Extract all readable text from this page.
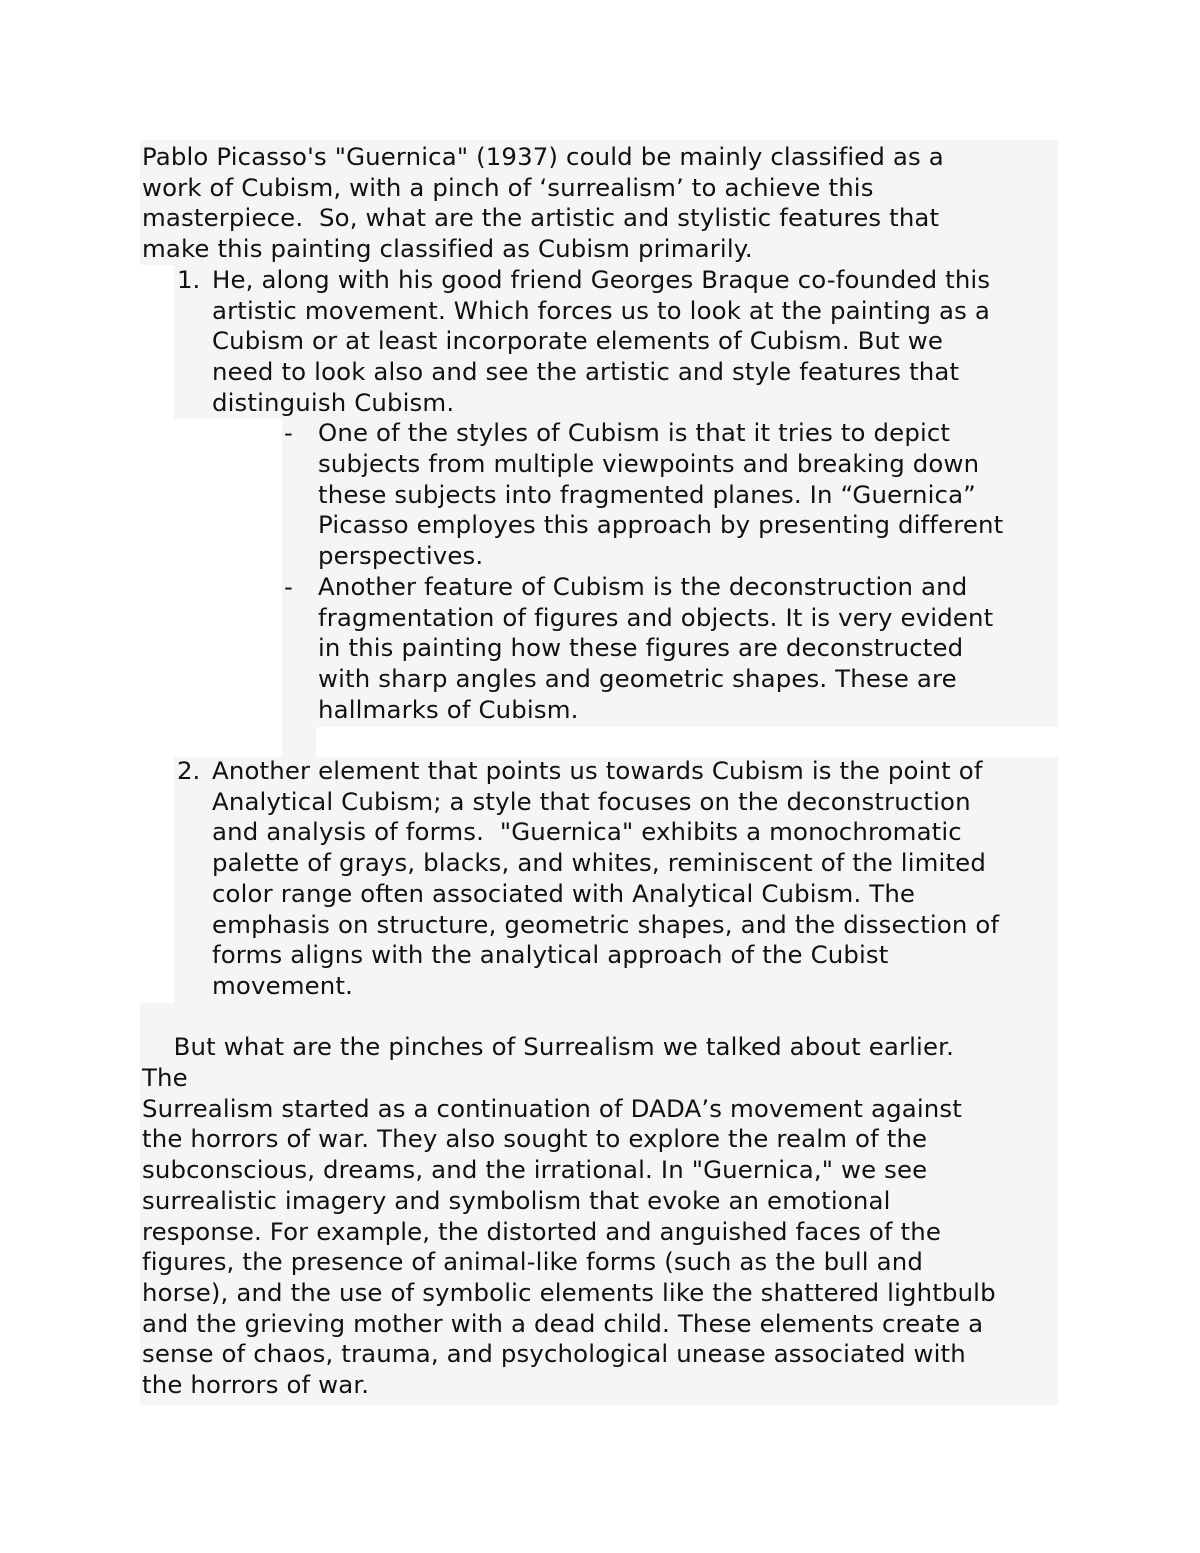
Pablo Picasso's "Guernica" (1937) could be mainly classified as a
work of Cubism, with a pinch of ‘surrealism’ to achieve this
masterpiece.  So, what are the artistic and stylistic features that
make this painting classified as Cubism primarily.
1. He, along with his good friend Georges Braque co-founded this
artistic movement. Which forces us to look at the painting as a
Cubism or at least incorporate elements of Cubism. But we
need to look also and see the artistic and style features that
distinguish Cubism.
- One of the styles of Cubism is that it tries to depict
subjects from multiple viewpoints and breaking down
these subjects into fragmented planes. In “Guernica”
Picasso employes this approach by presenting different
perspectives.
- Another feature of Cubism is the deconstruction and
fragmentation of figures and objects. It is very evident
in this painting how these figures are deconstructed
with sharp angles and geometric shapes. These are
hallmarks of Cubism.
2. Another element that points us towards Cubism is the point of
Analytical Cubism; a style that focuses on the deconstruction
and analysis of forms.  "Guernica" exhibits a monochromatic
palette of grays, blacks, and whites, reminiscent of the limited
color range often associated with Analytical Cubism. The
emphasis on structure, geometric shapes, and the dissection of
forms aligns with the analytical approach of the Cubist
movement.
But what are the pinches of Surrealism we talked about earlier.
The
Surrealism started as a continuation of DADA’s movement against
the horrors of war. They also sought to explore the realm of the
subconscious, dreams, and the irrational. In "Guernica," we see
surrealistic imagery and symbolism that evoke an emotional
response. For example, the distorted and anguished faces of the
figures, the presence of animal-like forms (such as the bull and
horse), and the use of symbolic elements like the shattered lightbulb
and the grieving mother with a dead child. These elements create a
sense of chaos, trauma, and psychological unease associated with
the horrors of war.
